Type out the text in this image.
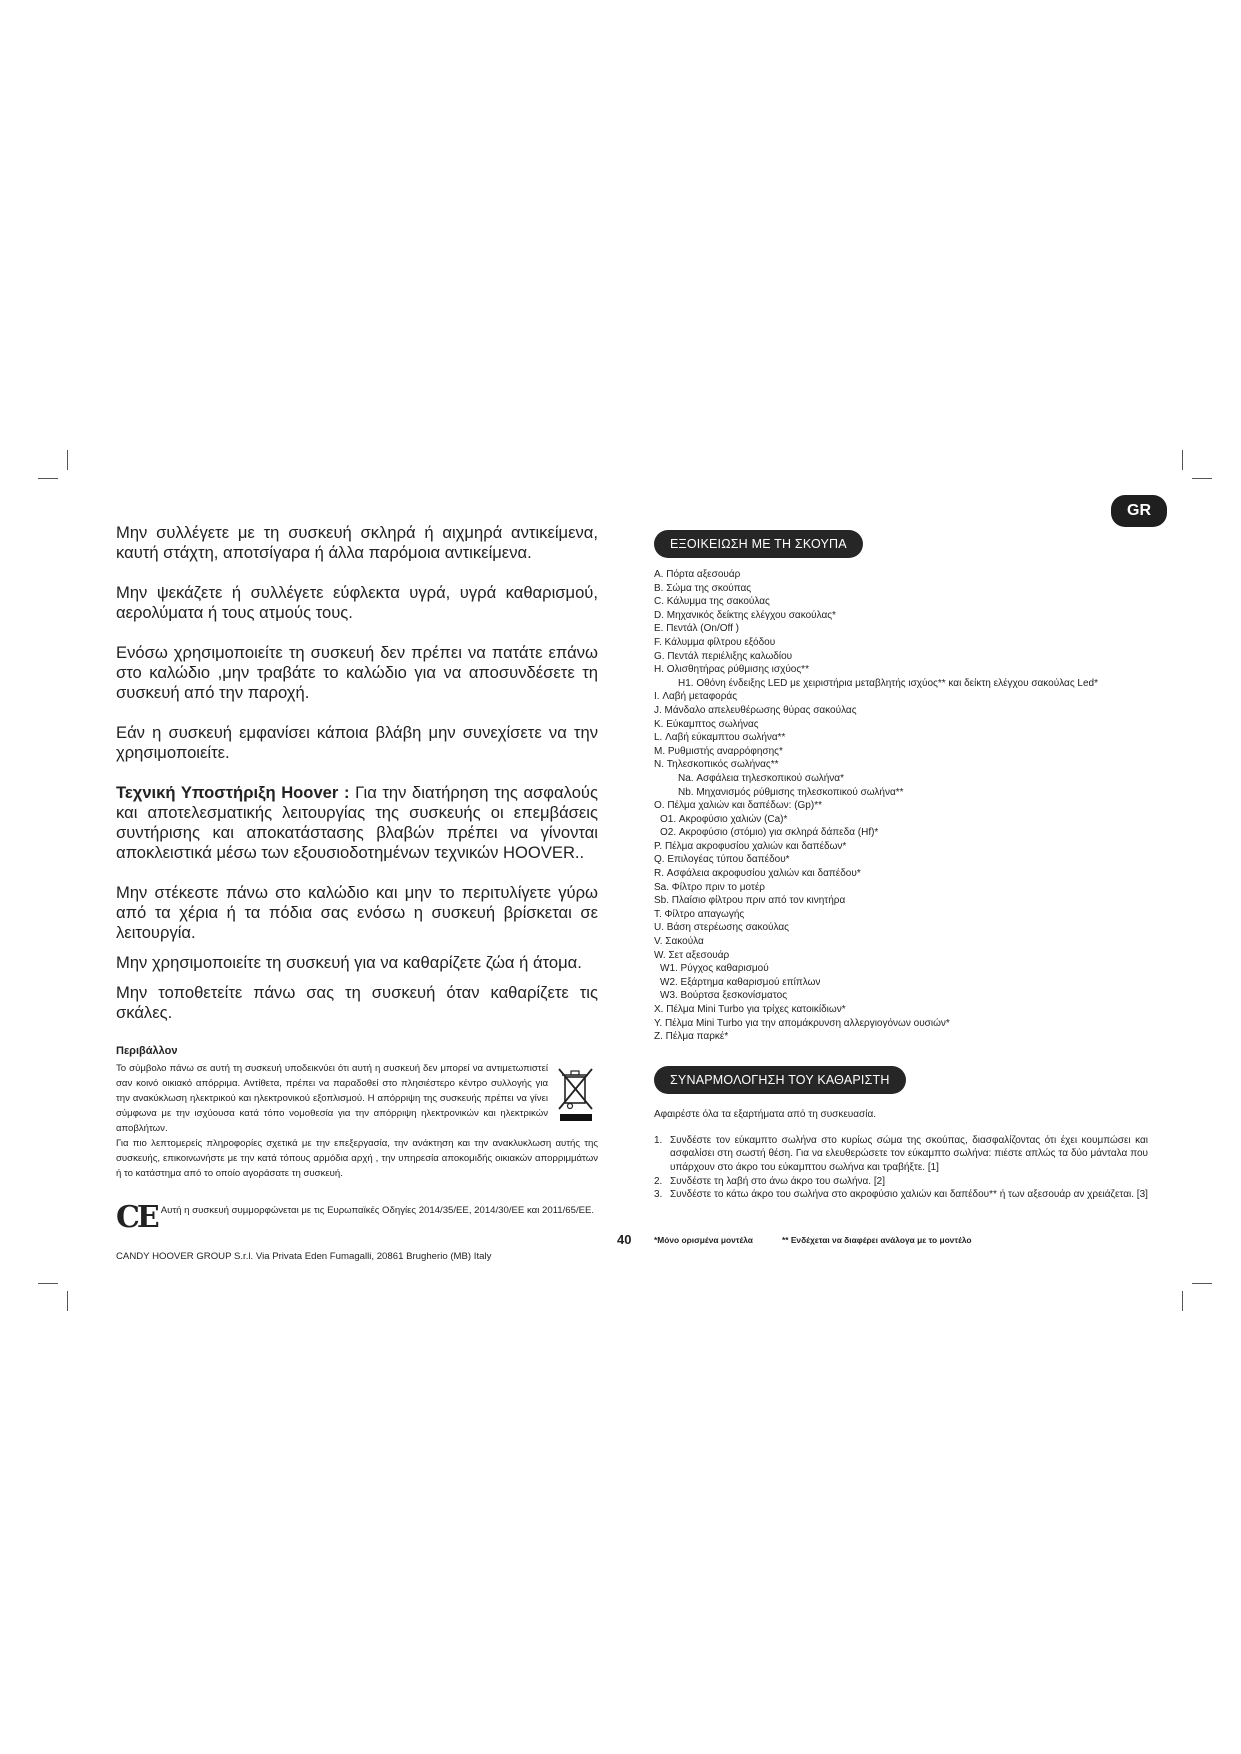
GR

Μην συλλέγετε με τη συσκευή σκληρά ή αιχμηρά αντικείμενα, καυτή στάχτη, αποτσίγαρα ή άλλα παρόμοια αντικείμενα.

Μην ψεκάζετε ή συλλέγετε εύφλεκτα υγρά, υγρά καθαρισμού, αερολύματα ή τους ατμούς τους.

Ενόσω χρησιμοποιείτε τη συσκευή δεν πρέπει να πατάτε επάνω στο καλώδιο ,μην τραβάτε το καλώδιο για να αποσυνδέσετε τη συσκευή από την παροχή.

Εάν η συσκευή εμφανίσει κάποια βλάβη μην συνεχίσετε να την χρησιμοποιείτε.

Τεχνική Υποστήριξη Hoover : Για την διατήρηση της ασφαλούς και αποτελεσματικής λειτουργίας της συσκευής οι επεμβάσεις συντήρισης και αποκατάστασης βλαβών πρέπει να γίνονται αποκλειστικά μέσω των εξουσιοδοτημένων τεχνικών HOOVER..

Μην στέκεστε πάνω στο καλώδιο και μην το περιτυλίγετε γύρω από τα χέρια ή τα πόδια σας ενόσω η συσκευή βρίσκεται σε λειτουργία.

Μην χρησιμοποιείτε τη συσκευή για να καθαρίζετε ζώα ή άτομα.

Μην τοποθετείτε πάνω σας τη συσκευή όταν καθαρίζετε τις σκάλες.

Περιβάλλον
Το σύμβολο πάνω σε αυτή τη συσκευή υποδεικνύει ότι αυτή η συσκευή δεν μπορεί να αντιμετωπιστεί σαν κοινό οικιακό απόρριμα. Αντίθετα, πρέπει να παραδοθεί στο πλησιέστερο κέντρο συλλογής για την ανακύκλωση ηλεκτρικού και ηλεκτρονικού εξοπλισμού. Η απόρριψη της συσκευής πρέπει να γίνει σύμφωνα με την ισχύουσα κατά τόπο νομοθεσία για την απόρριψη ηλεκτρονικών και ηλεκτρικών αποβλήτων.
Για πιο λεπτομερείς πληροφορίες σχετικά με την επεξεργασία, την ανάκτηση και την ανακλυκλωση αυτής της συσκευής, επικοινωνήστε με την κατά τόπους αρμόδια αρχή , την υπηρεσία αποκομιδής οικιακών απορριμμάτων ή το κατάστημα από το οποίο αγοράσατε τη συσκευή.
CE Αυτή η συσκευή συμμορφώνεται με τις Ευρωπαϊκές Οδηγίες 2014/35/ΕΕ, 2014/30/ΕΕ και 2011/65/ΕΕ.
CANDY HOOVER GROUP S.r.l. Via Privata Eden Fumagalli, 20861 Brugherio (MB) Italy
ΕΞΟΙΚΕΙΩΣΗ ΜΕ ΤΗ ΣΚΟΥΠΑ
A. Πόρτα αξεσουάρ
B. Σώμα της σκούπας
C. Κάλυμμα της σακούλας
D. Μηχανικός δείκτης ελέγχου σακούλας*
E. Πεντάλ (On/Off )
F. Κάλυμμα φίλτρου εξόδου
G. Πεντάλ περιέλιξης καλωδίου
H. Ολισθητήρας ρύθμισης ισχύος**
H1. Οθόνη ένδειξης LED με χειριστήρια μεταβλητής ισχύος** και δείκτη ελέγχου σακούλας Led*
I. Λαβή μεταφοράς
J. Μάνδαλο απελευθέρωσης θύρας σακούλας
K. Εύκαμπτος σωλήνας
L. Λαβή εύκαμπτου σωλήνα**
M. Ρυθμιστής αναρρόφησης*
N. Τηλεσκοπικός σωλήνας**
Na. Ασφάλεια τηλεσκοπικού σωλήνα*
Nb. Μηχανισμός ρύθμισης τηλεσκοπικού σωλήνα**
O. Πέλμα χαλιών και δαπέδων: (Gp)**
O1. Ακροφύσιο χαλιών (Ca)*
O2. Ακροφύσιο (στόμιο) για σκληρά δάπεδα (Hf)*
P. Πέλμα ακροφυσίου χαλιών και δαπέδων*
Q. Επιλογέας τύπου δαπέδου*
R. Ασφάλεια ακροφυσίου χαλιών και δαπέδου*
Sa. Φίλτρο πριν το μοτέρ
Sb. Πλαίσιο φίλτρου πριν από τον κινητήρα
T. Φίλτρο απαγωγής
U. Βάση στερέωσης σακούλας
V. Σακούλα
W. Σετ αξεσουάρ
W1. Ρύγχος καθαρισμού
W2. Εξάρτημα καθαρισμού επίπλων
W3. Βούρτσα ξεσκονίσματος
X. Πέλμα Mini Turbo για τρίχες κατοικίδιων*
Y. Πέλμα Mini Turbo για την απομάκρυνση αλλεργιογόνων ουσιών*
Z. Πέλμα παρκέ*
ΣΥΝΑΡΜΟΛΟΓΗΣΗ ΤΟΥ ΚΑΘΑΡΙΣΤΗ
Αφαιρέστε όλα τα εξαρτήματα από τη συσκευασία.
1. Συνδέστε τον εύκαμπτο σωλήνα στο κυρίως σώμα της σκούπας, διασφαλίζοντας ότι έχει κουμπώσει και ασφαλίσει στη σωστή θέση. Για να ελευθερώσετε τον εύκαμπτο σωλήνα: πιέστε απλώς τα δύο μάνταλα που υπάρχουν στο άκρο του εύκαμπτου σωλήνα και τραβήξτε. [1]
2. Συνδέστε τη λαβή στο άνω άκρο του σωλήνα. [2]
3. Συνδέστε το κάτω άκρο του σωλήνα στο ακροφύσιο χαλιών και δαπέδου** ή των αξεσουάρ αν χρειάζεται. [3]
40	*Μόνο ορισμένα μοντέλα	** Ενδέχεται να διαφέρει ανάλογα με το μοντέλο
